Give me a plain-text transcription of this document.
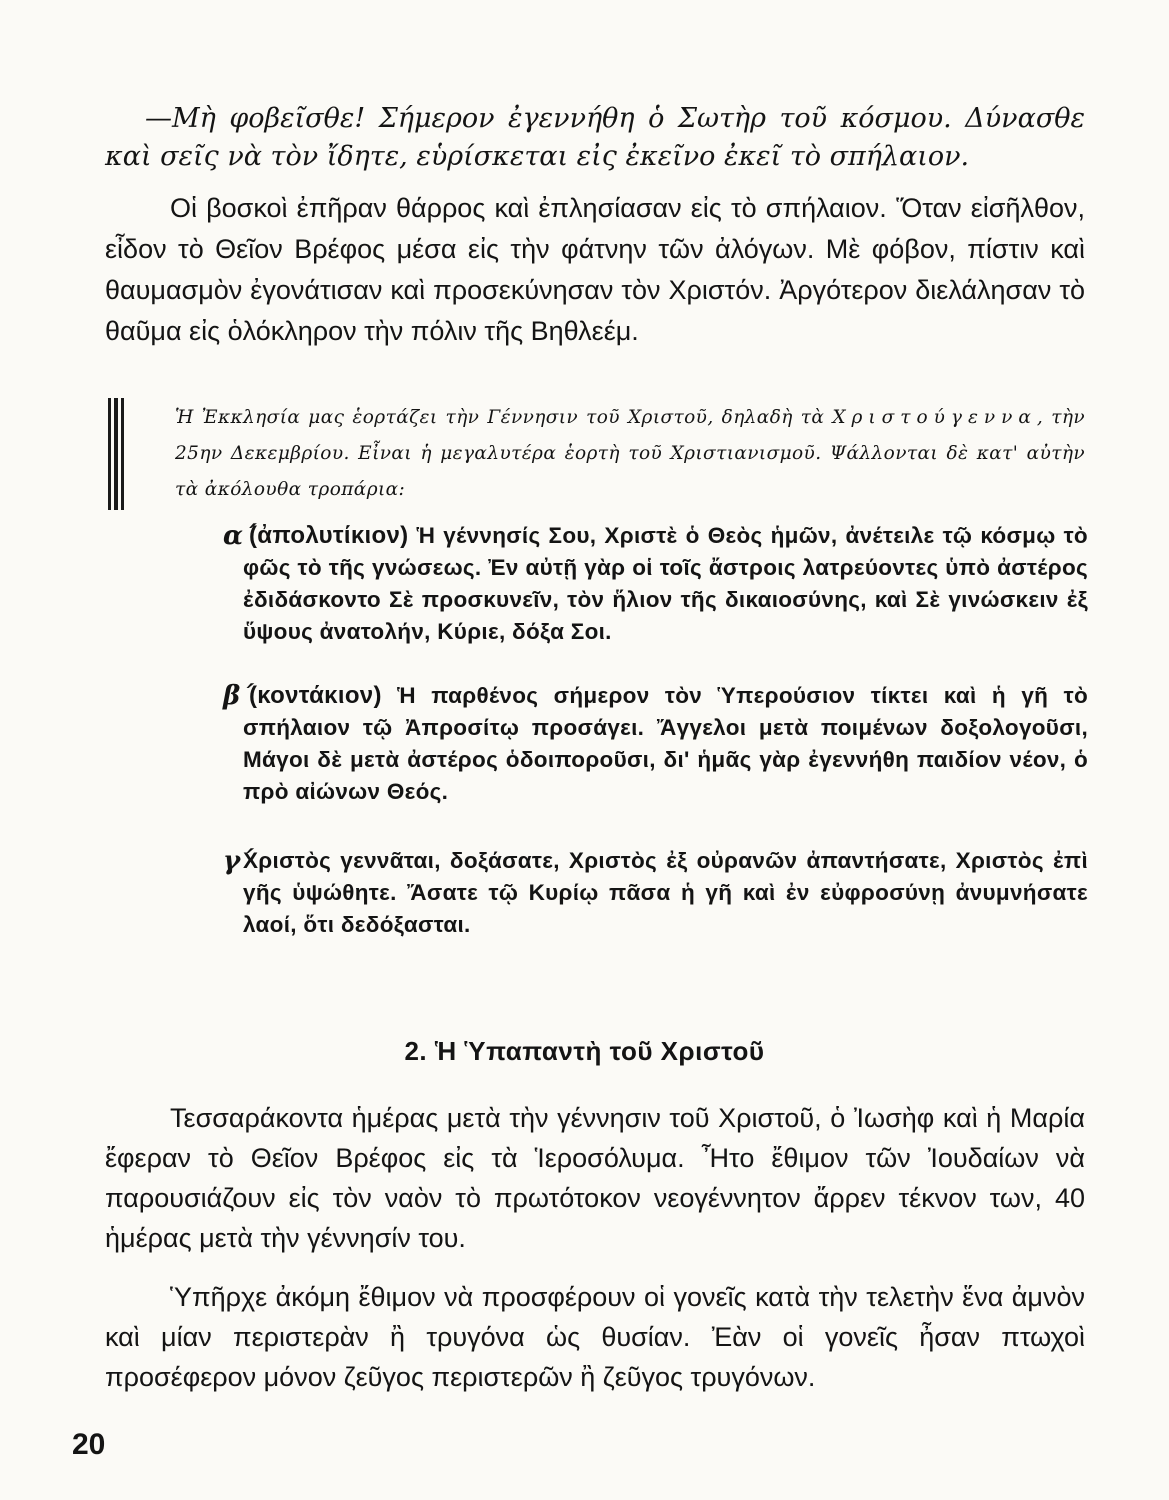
—Μὴ φοβεῖσθε! Σήμερον ἐγεννήθη ὁ Σωτὴρ τοῦ κόσμου. Δύνασθε καὶ σεῖς νὰ τὸν ἴδητε, εὑρίσκεται εἰς ἐκεῖνο ἐκεῖ τὸ σπήλαιον.

Οἱ βοσκοὶ ἐπῆραν θάρρος καὶ ἐπλησίασαν εἰς τὸ σπήλαιον. Ὅταν εἰσῆλθον, εἶδον τὸ Θεῖον Βρέφος μέσα εἰς τὴν φάτνην τῶν ἀλόγων. Μὲ φόβον, πίστιν καὶ θαυμασμὸν ἐγονάτισαν καὶ προσεκύνησαν τὸν Χριστόν. Ἀργότερον διελάλησαν τὸ θαῦμα εἰς ὁλόκληρον τὴν πόλιν τῆς Βηθλεέμ.

Ἡ Ἐκκλησία μας ἑορτάζει τὴν Γέννησιν τοῦ Χριστοῦ, δηλαδὴ τὰ Χριστούγεννα, τὴν 25ην Δεκεμβρίου. Εἶναι ἡ μεγαλυτέρα ἑορτὴ τοῦ Χριστιανισμοῦ. Ψάλλονται δὲ κατ' αὐτὴν τὰ ἀκόλουθα τροπάρια:

α΄
(ἀπολυτίκιον) Ἡ γέννησίς Σου, Χριστὲ ὁ Θεὸς ἡμῶν, ἀνέτειλε τῷ κόσμῳ τὸ φῶς τὸ τῆς γνώσεως. Ἐν αὐτῇ γὰρ οἱ τοῖς ἄστροις λατρεύοντες ὑπὸ ἀστέρος ἐδιδάσκοντο Σὲ προσκυνεῖν, τὸν ἥλιον τῆς δικαιοσύνης, καὶ Σὲ γινώσκειν ἐξ ὕψους ἀνατολήν, Κύριε, δόξα Σοι.

β΄
(κοντάκιον) Ἡ παρθένος σήμερον τὸν Ὑπερούσιον τίκτει καὶ ἡ γῆ τὸ σπήλαιον τῷ Ἀπροσίτῳ προσάγει. Ἄγγελοι μετὰ ποιμένων δοξολογοῦσι, Μάγοι δὲ μετὰ ἀστέρος ὁδοιποροῦσι, δι' ἡμᾶς γὰρ ἐγεννήθη παιδίον νέον, ὁ πρὸ αἰώνων Θεός.

γ΄
Χριστὸς γεννᾶται, δοξάσατε, Χριστὸς ἐξ οὐρανῶν ἀπαντήσατε, Χριστὸς ἐπὶ γῆς ὑψώθητε. Ἄσατε τῷ Κυρίῳ πᾶσα ἡ γῆ καὶ ἐν εὐφροσύνῃ ἀνυμνήσατε λαοί, ὅτι δεδόξασται.

2. Ἡ Ὑπαπαντὴ τοῦ Χριστοῦ

Τεσσαράκοντα ἡμέρας μετὰ τὴν γέννησιν τοῦ Χριστοῦ, ὁ Ἰωσὴφ καὶ ἡ Μαρία ἔφεραν τὸ Θεῖον Βρέφος εἰς τὰ Ἱεροσόλυμα. Ἦτο ἔθιμον τῶν Ἰουδαίων νὰ παρουσιάζουν εἰς τὸν ναὸν τὸ πρωτότοκον νεογέννητον ἄρρεν τέκνον των, 40 ἡμέρας μετὰ τὴν γέννησίν του.

Ὑπῆρχε ἀκόμη ἔθιμον νὰ προσφέρουν οἱ γονεῖς κατὰ τὴν τελετὴν ἕνα ἀμνὸν καὶ μίαν περιστερὰν ἢ τρυγόνα ὡς θυσίαν. Ἐὰν οἱ γονεῖς ἦσαν πτωχοὶ προσέφερον μόνον ζεῦγος περιστερῶν ἢ ζεῦγος τρυγόνων.

20
